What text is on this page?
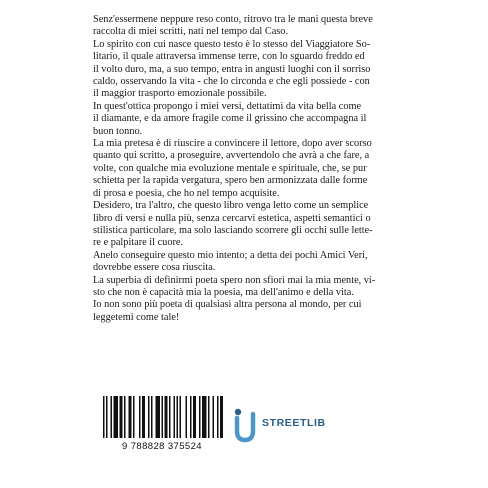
Senz'essermene neppure reso conto, ritrovo tra le mani questa breve
raccolta di miei scritti, nati nel tempo dal Caso.
Lo spirito con cui nasce questo testo è lo stesso del Viaggiatore So-
litario, il quale attraversa immense terre, con lo sguardo freddo ed
il volto duro, ma, a suo tempo, entra in angusti luoghi con il sorriso
caldo, osservando la vita - che lo circonda e che egli possiede - con
il maggior trasporto emozionale possibile.
In quest'ottica propongo i miei versi, dettatimi da vita bella come
il diamante, e da amore fragile come il grissino che accompagna il
buon tonno.
La mia pretesa è di riuscire a convincere il lettore, dopo aver scorso
quanto qui scritto, a proseguire, avvertendolo che avrà a che fare, a
volte, con qualche mia evoluzione mentale e spirituale, che, se pur
schietta per la rapida vergatura, spero ben armonizzata dalle forme
di prosa e poesia, che ho nel tempo acquisite.
Desidero, tra l'altro, che questo libro venga letto come un semplice
libro di versi e nulla più, senza cercarvi estetica, aspetti semantici o
stilistica particolare, ma solo lasciando scorrere gli occhi sulle lette-
re e palpitare il cuore.
Anelo conseguire questo mio intento; a detta dei pochi Amici Veri,
dovrebbe essere cosa riuscita.
La superbia di definirmi poeta spero non sfiori mai la mia mente, vi-
sto che non è capacità mia la poesia, ma dell'animo e della vita.
Io non sono più poeta di qualsiasi altra persona al mondo, per cui
leggetemi come tale!
9 788828 375524
STREETLIB
